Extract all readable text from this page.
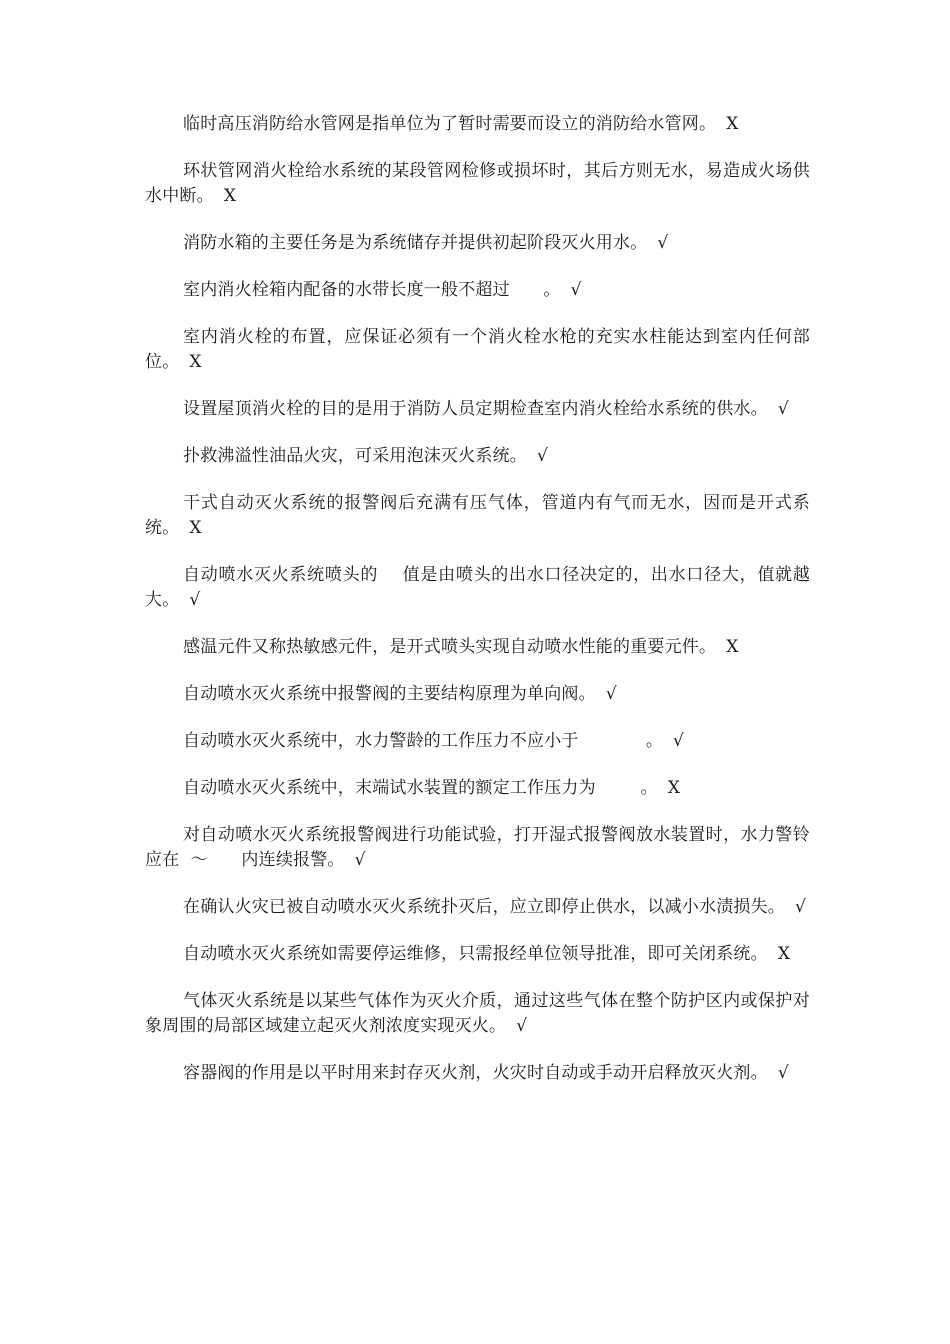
临时高压消防给水管网是指单位为了暂时需要而设立的消防给水管网。 X

环状管网消火栓给水系统的某段管网检修或损坏时，其后方则无水，易造成火场供水中断。 X

消防水箱的主要任务是为系统储存并提供初起阶段灭火用水。 √

室内消火栓箱内配备的水带长度一般不超过      。 √

室内消火栓的布置，应保证必须有一个消火栓水枪的充实水柱能达到室内任何部位。 X

设置屋顶消火栓的目的是用于消防人员定期检查室内消火栓给水系统的供水。 √

扑救沸溢性油品火灾，可采用泡沫灭火系统。 √

干式自动灭火系统的报警阀后充满有压气体，管道内有气而无水，因而是开式系统。 X

自动喷水灭火系统喷头的    值是由喷头的出水口径决定的，出水口径大，值就越大。 √

感温元件又称热敏感元件，是开式喷头实现自动喷水性能的重要元件。 X

自动喷水灭火系统中报警阀的主要结构原理为单向阀。 √

自动喷水灭火系统中，水力警龄的工作压力不应小于            。 √

自动喷水灭火系统中，末端试水装置的额定工作压力为        。 X

对自动喷水灭火系统报警阀进行功能试验，打开湿式报警阀放水装置时，水力警铃应在  ～      内连续报警。 √

在确认火灾已被自动喷水灭火系统扑灭后，应立即停止供水，以减小水渍损失。 √

自动喷水灭火系统如需要停运维修，只需报经单位领导批准，即可关闭系统。 X

气体灭火系统是以某些气体作为灭火介质，通过这些气体在整个防护区内或保护对象周围的局部区域建立起灭火剂浓度实现灭火。 √

容器阀的作用是以平时用来封存灭火剂，火灾时自动或手动开启释放灭火剂。 √
